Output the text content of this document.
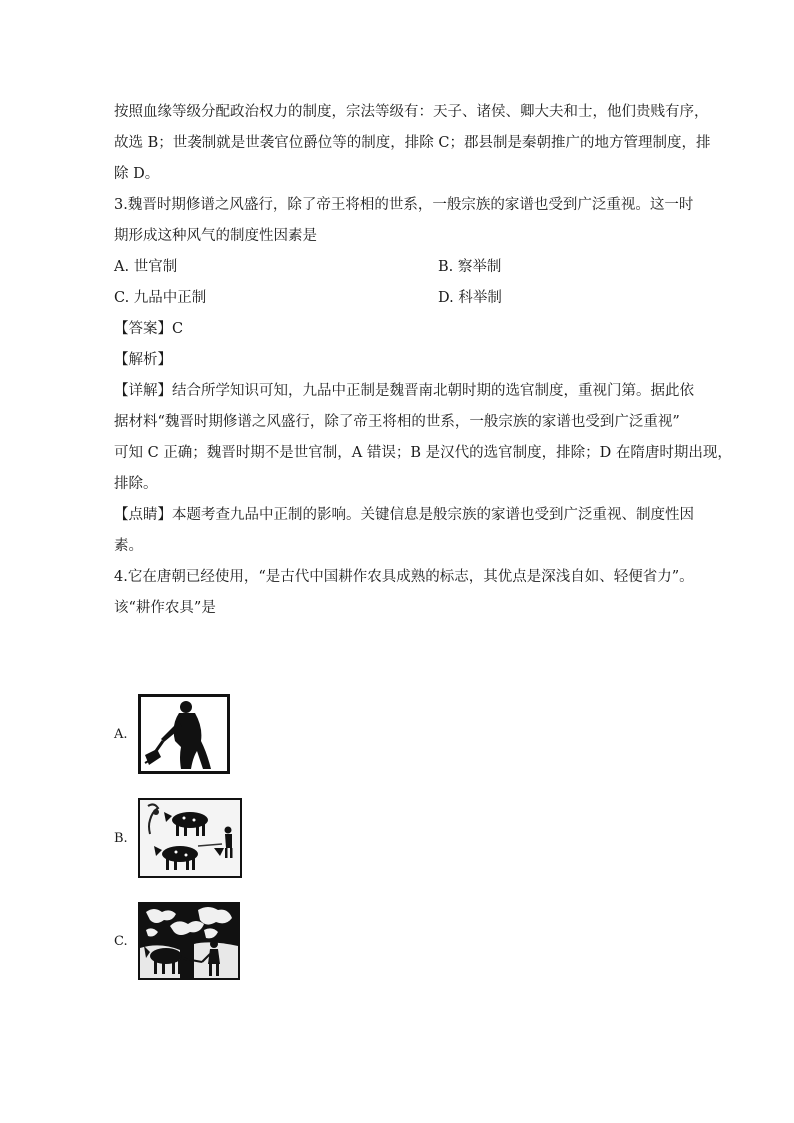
按照血缘等级分配政治权力的制度，宗法等级有：天子、诸侯、卿大夫和士，他们贵贱有序，

故选 B；世袭制就是世袭官位爵位等的制度，排除 C；郡县制是秦朝推广的地方管理制度，排

除 D。

3.魏晋时期修谱之风盛行，除了帝王将相的世系，一般宗族的家谱也受到广泛重视。这一时

期形成这种风气的制度性因素是

A. 世官制	B. 察举制
C. 九品中正制	D. 科举制

【答案】C

【解析】

【详解】结合所学知识可知，九品中正制是魏晋南北朝时期的选官制度，重视门第。据此依

据材料“魏晋时期修谱之风盛行，除了帝王将相的世系，一般宗族的家谱也受到广泛重视”

可知 C 正确；魏晋时期不是世官制，A 错误；B 是汉代的选官制度，排除；D 在隋唐时期出现，

排除。

【点睛】本题考查九品中正制的影响。关键信息是般宗族的家谱也受到广泛重视、制度性因

素。

4.它在唐朝已经使用，“是古代中国耕作农具成熟的标志，其优点是深浅自如、轻便省力”。

该“耕作农具”是

A.
B.
C.
